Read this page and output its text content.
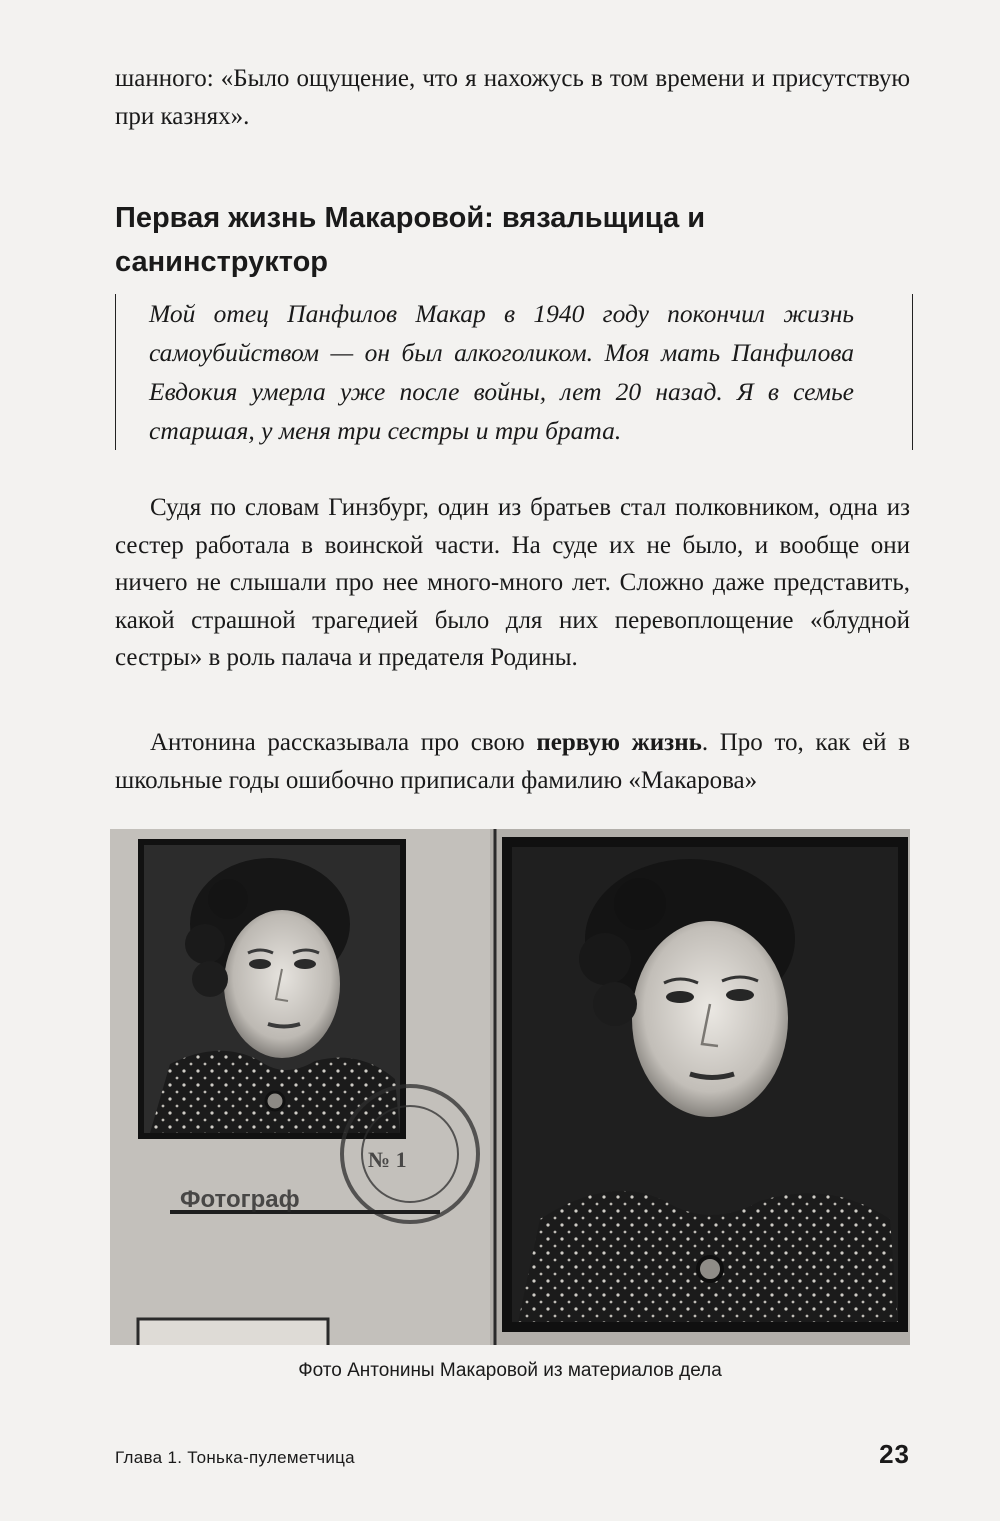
шанного: «Было ощущение, что я нахожусь в том времени и присутствую при казнях».

Первая жизнь Макаровой: вязальщица и санинструктор

Мой отец Панфилов Макар в 1940 году покончил жизнь самоубийством — он был алкоголиком. Моя мать Панфилова Евдокия умерла уже после войны, лет 20 назад. Я в семье старшая, у меня три сестры и три брата.

Судя по словам Гинзбург, один из братьев стал полковником, одна из сестер работала в воинской части. На суде их не было, и вообще они ничего не слышали про нее много-много лет. Сложно даже представить, какой страшной трагедией было для них перевоплощение «блудной сестры» в роль палача и предателя Родины.

Антонина рассказывала про свою первую жизнь. Про то, как ей в школьные годы ошибочно приписали фамилию «Макарова»

№ 1
Фотограф

Фото Антонины Макаровой из материалов дела

Глава 1. Тонька-пулеметчица	23
